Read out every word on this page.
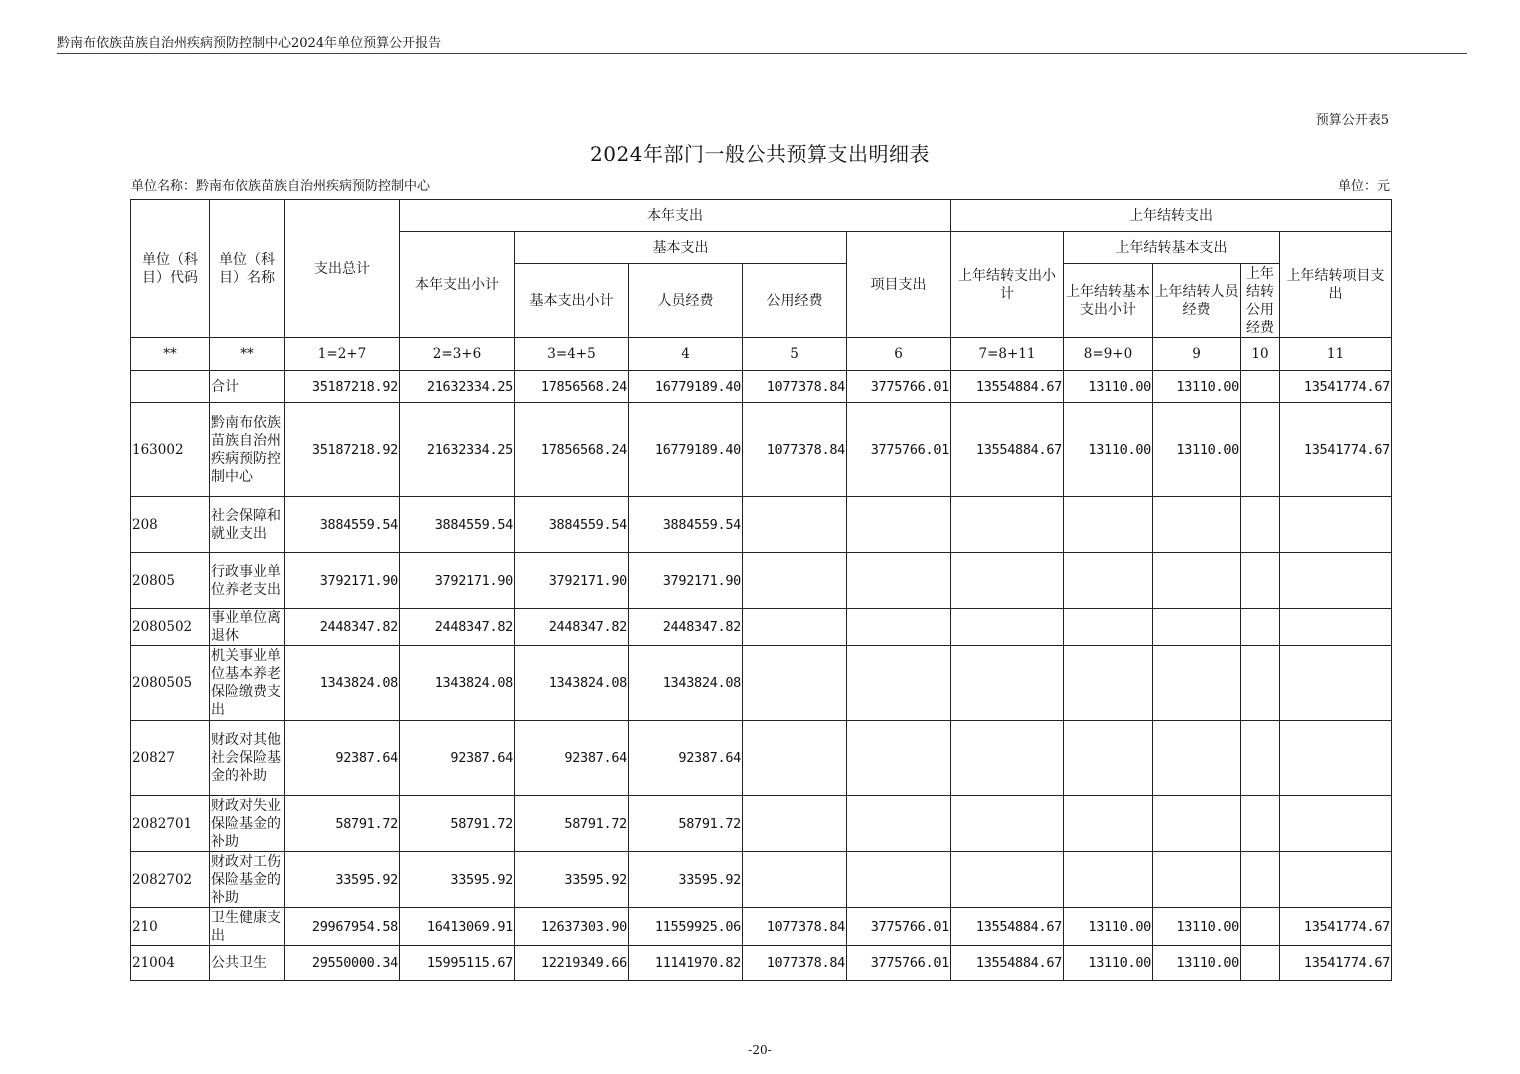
黔南布依族苗族自治州疾病预防控制中心2024年单位预算公开报告
预算公开表5
2024年部门一般公共预算支出明细表
单位名称：黔南布依族苗族自治州疾病预防控制中心	单位：元
单位（科目）代码	单位（科目）名称	支出总计	本年支出					上年结转支出				
			本年支出小计	基本支出			项目支出	上年结转支出小计	上年结转基本支出			上年结转项目支出
				基本支出小计	人员经费	公用经费			上年结转基本支出小计	上年结转人员经费	上年结转公用经费	

**	**	1=2+7	2=3+6	3=4+5	4	5	6	7=8+11	8=9+0	9	10	11
	合计	35187218.92	21632334.25	17856568.24	16779189.40	1077378.84	3775766.01	13554884.67	13110.00	13110.00		13541774.67
163002	黔南布依族苗族自治州疾病预防控制中心	35187218.92	21632334.25	17856568.24	16779189.40	1077378.84	3775766.01	13554884.67	13110.00	13110.00		13541774.67
208	社会保障和就业支出	3884559.54	3884559.54	3884559.54	3884559.54							
20805	行政事业单位养老支出	3792171.90	3792171.90	3792171.90	3792171.90							
2080502	事业单位离退休	2448347.82	2448347.82	2448347.82	2448347.82							
2080505	机关事业单位基本养老保险缴费支出	1343824.08	1343824.08	1343824.08	1343824.08							
20827	财政对其他社会保险基金的补助	92387.64	92387.64	92387.64	92387.64							
2082701	财政对失业保险基金的补助	58791.72	58791.72	58791.72	58791.72							
2082702	财政对工伤保险基金的补助	33595.92	33595.92	33595.92	33595.92							
210	卫生健康支出	29967954.58	16413069.91	12637303.90	11559925.06	1077378.84	3775766.01	13554884.67	13110.00	13110.00		13541774.67
21004	公共卫生	29550000.34	15995115.67	12219349.66	11141970.82	1077378.84	3775766.01	13554884.67	13110.00	13110.00		13541774.67
-20-
